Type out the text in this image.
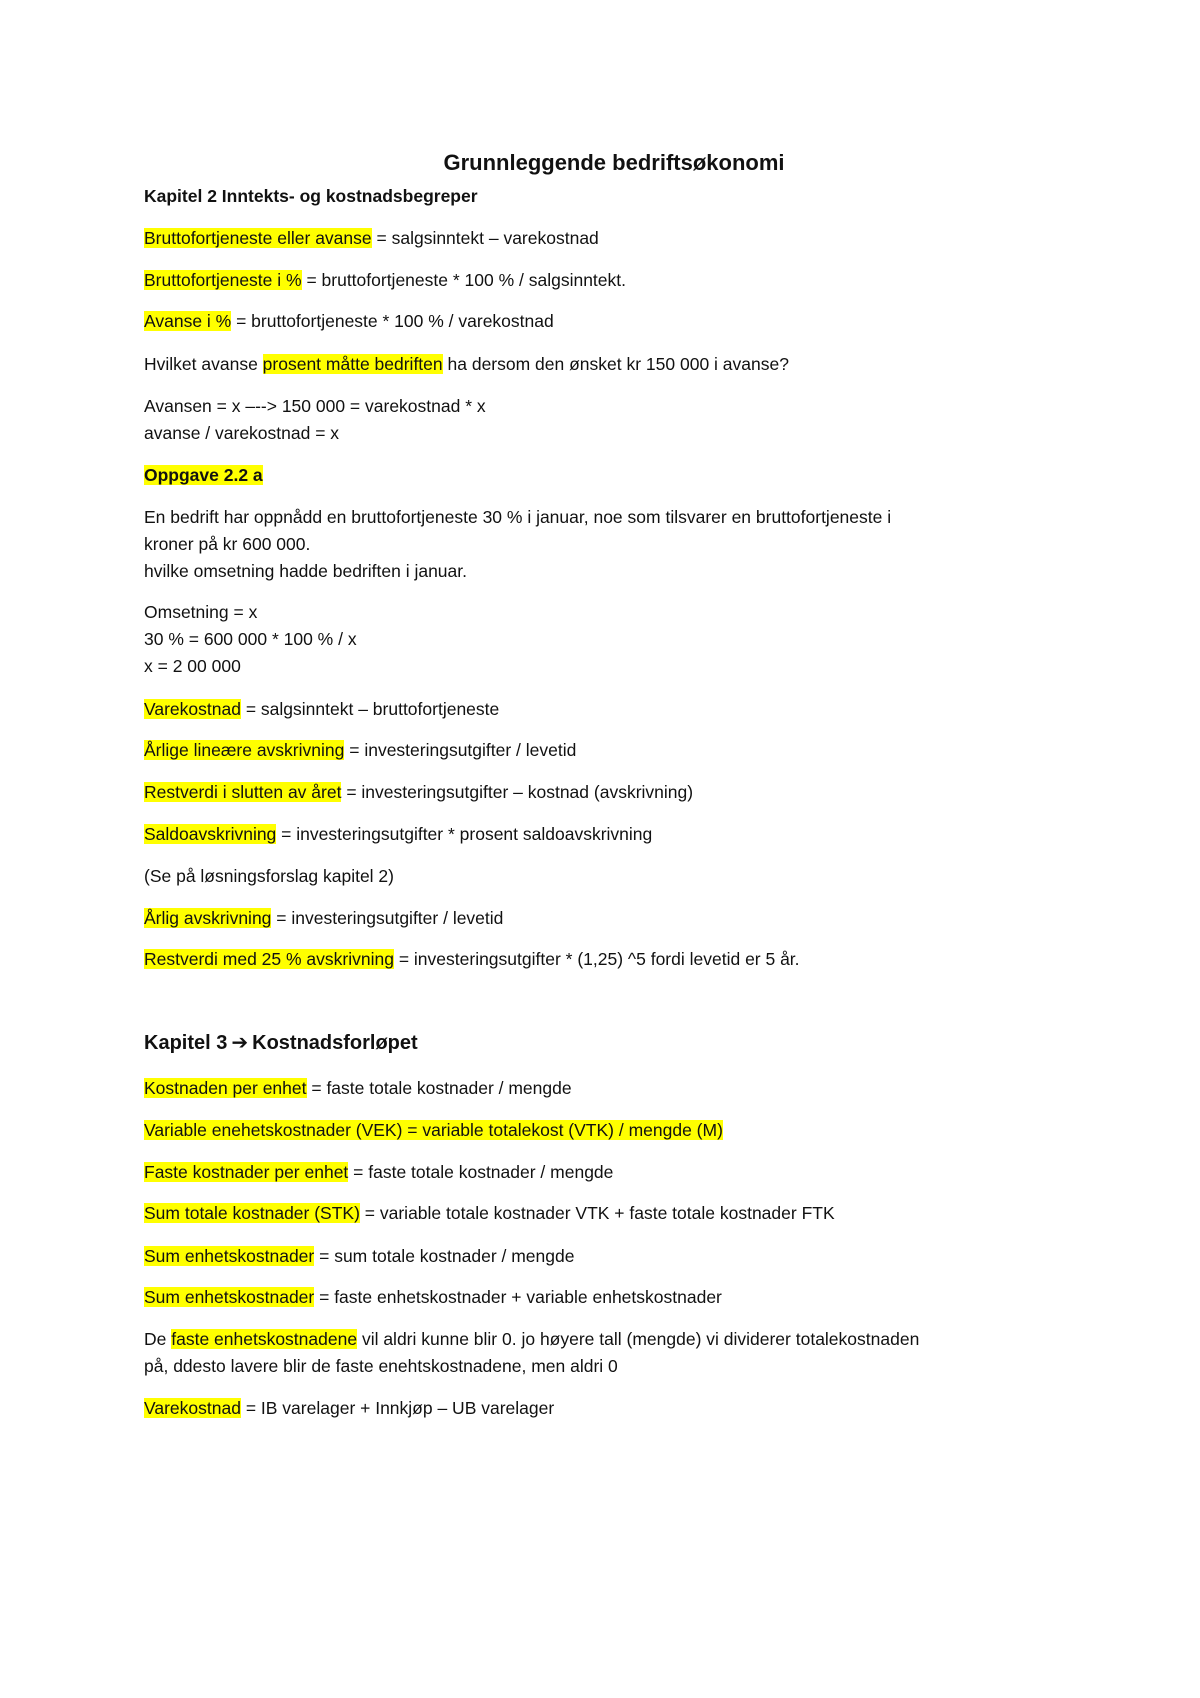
Grunnleggende bedriftsøkonomi
Kapitel 2 Inntekts- og kostnadsbegreper
Bruttofortjeneste eller avanse = salgsinntekt – varekostnad
Bruttofortjeneste i % = bruttofortjeneste * 100 % / salgsinntekt.
Avanse i % = bruttofortjeneste * 100 % / varekostnad
Hvilket avanse prosent måtte bedriften ha dersom den ønsket kr 150 000 i avanse?
Avansen = x –--> 150 000 = varekostnad * x
avanse / varekostnad = x
Oppgave 2.2 a
En bedrift har oppnådd en bruttofortjeneste 30 % i januar, noe som tilsvarer en bruttofortjeneste i
kroner på kr 600 000.
hvilke omsetning hadde bedriften i januar.
Omsetning = x
30 % = 600 000 * 100 % / x
x = 2 00 000
Varekostnad = salgsinntekt – bruttofortjeneste
Årlige lineære avskrivning = investeringsutgifter / levetid
Restverdi i slutten av året = investeringsutgifter – kostnad (avskrivning)
Saldoavskrivning = investeringsutgifter * prosent saldoavskrivning
(Se på løsningsforslag kapitel 2)
Årlig avskrivning = investeringsutgifter / levetid
Restverdi med 25 % avskrivning = investeringsutgifter * (1,25) ^5 fordi levetid er 5 år.
Kapitel 3 ➔ Kostnadsforløpet
Kostnaden per enhet = faste totale kostnader / mengde
Variable enehetskostnader (VEK) = variable totalekost (VTK) / mengde (M)
Faste kostnader per enhet = faste totale kostnader / mengde
Sum totale kostnader (STK) = variable totale kostnader VTK + faste totale kostnader FTK
Sum enhetskostnader = sum totale kostnader / mengde
Sum enhetskostnader = faste enhetskostnader + variable enhetskostnader
De faste enhetskostnadene vil aldri kunne blir 0. jo høyere tall (mengde) vi dividerer totalekostnaden
på, ddesto lavere blir de faste enehtskostnadene, men aldri 0
Varekostnad = IB varelager + Innkjøp – UB varelager
